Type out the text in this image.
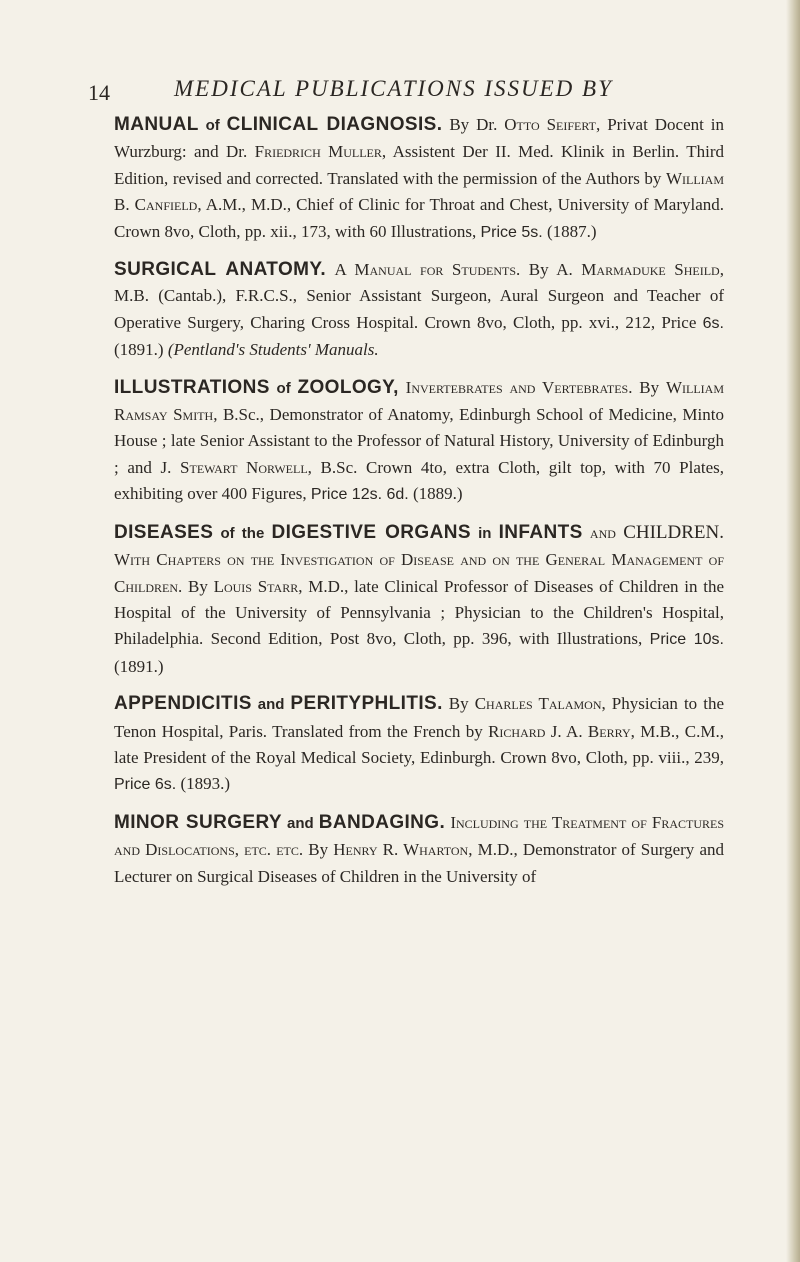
14	MEDICAL PUBLICATIONS ISSUED BY

MANUAL of CLINICAL DIAGNOSIS. By Dr. Otto Seifert, Privat Docent in Wurzburg: and Dr. Friedrich Muller, Assistent Der II. Med. Klinik in Berlin. Third Edition, revised and corrected. Translated with the permission of the Authors by William B. Canfield, A.M., M.D., Chief of Clinic for Throat and Chest, University of Maryland. Crown 8vo, Cloth, pp. xii., 173, with 60 Illustrations, Price 5s. (1887.)

SURGICAL ANATOMY. A Manual for Students. By A. Marmaduke Sheild, M.B. (Cantab.), F.R.C.S., Senior Assistant Surgeon, Aural Surgeon and Teacher of Operative Surgery, Charing Cross Hospital. Crown 8vo, Cloth, pp. xvi., 212, Price 6s. (1891.) (Pentland's Students' Manuals.

ILLUSTRATIONS of ZOOLOGY, Invertebrates and Vertebrates. By William Ramsay Smith, B.Sc., Demonstrator of Anatomy, Edinburgh School of Medicine, Minto House ; late Senior Assistant to the Professor of Natural History, University of Edinburgh ; and J. Stewart Norwell, B.Sc. Crown 4to, extra Cloth, gilt top, with 70 Plates, exhibiting over 400 Figures, Price 12s. 6d. (1889.)

DISEASES of the DIGESTIVE ORGANS in INFANTS and CHILDREN. With Chapters on the Investigation of Disease and on the General Management of Children. By Louis Starr, M.D., late Clinical Professor of Diseases of Children in the Hospital of the University of Pennsylvania ; Physician to the Children's Hospital, Philadelphia. Second Edition, Post 8vo, Cloth, pp. 396, with Illustrations, Price 10s. (1891.)

APPENDICITIS and PERITYPHLITIS. By Charles Talamon, Physician to the Tenon Hospital, Paris. Translated from the French by Richard J. A. Berry, M.B., C.M., late President of the Royal Medical Society, Edinburgh. Crown 8vo, Cloth, pp. viii., 239, Price 6s. (1893.)

MINOR SURGERY and BANDAGING. Including the Treatment of Fractures and Dislocations, etc. etc. By Henry R. Wharton, M.D., Demonstrator of Surgery and Lecturer on Surgical Diseases of Children in the University of
